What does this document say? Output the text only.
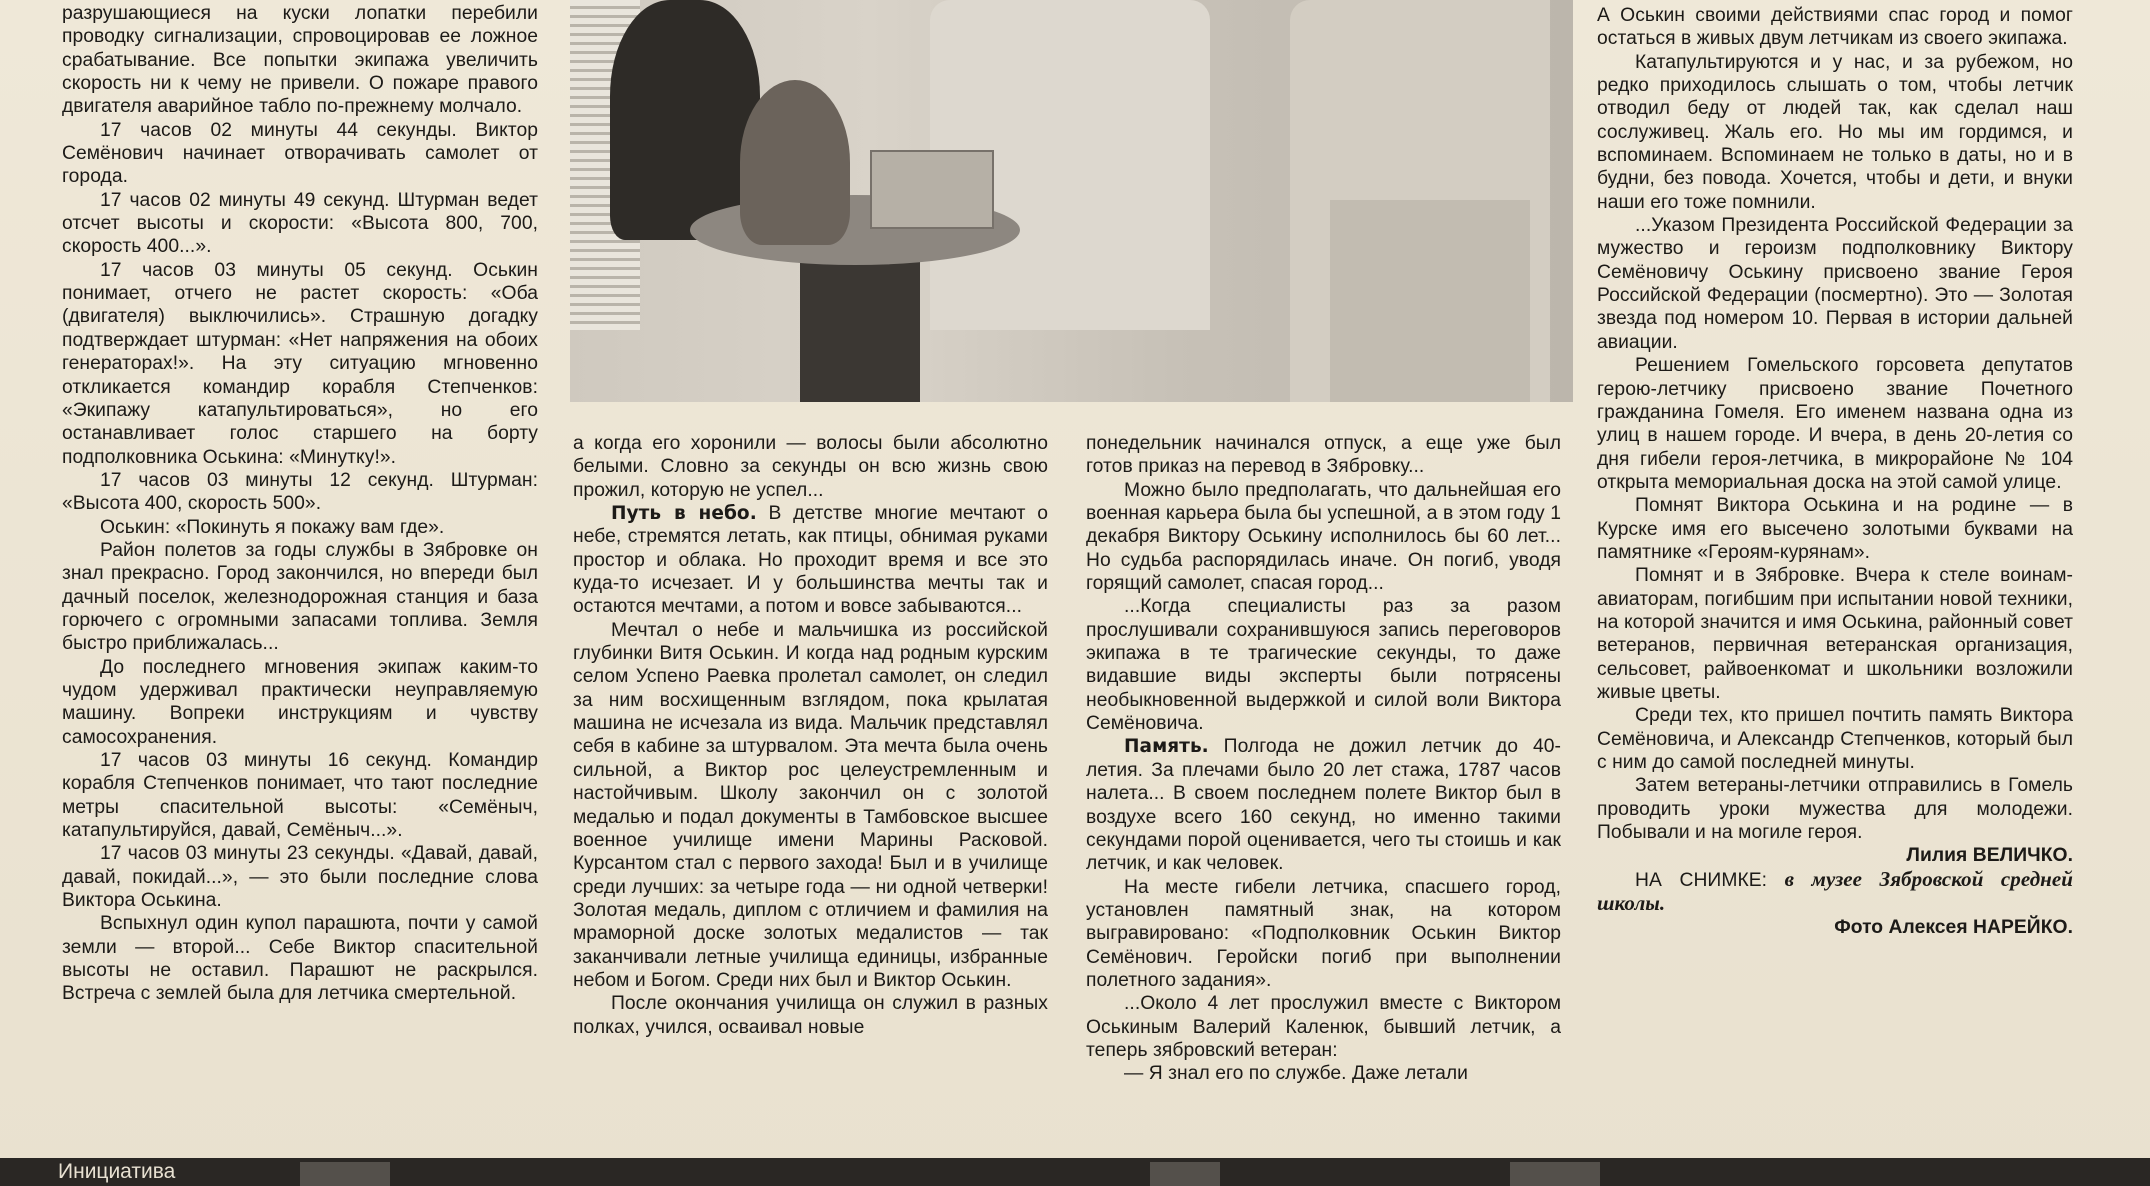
разрушающиеся на куски лопатки перебили проводку сигнализации, спровоцировав ее ложное срабатывание. Все попытки экипажа увеличить скорость ни к чему не привели. О пожаре правого двигателя аварийное табло по-прежнему молчало.

17 часов 02 минуты 44 секунды. Виктор Семёнович начинает отворачивать самолет от города.

17 часов 02 минуты 49 секунд. Штурман ведет отсчет высоты и скорости: «Высота 800, 700, скорость 400...».

17 часов 03 минуты 05 секунд. Оськин понимает, отчего не растет скорость: «Оба (двигателя) выключились». Страшную догадку подтверждает штурман: «Нет напряжения на обоих генераторах!». На эту ситуацию мгновенно откликается командир корабля Степченков: «Экипажу катапультироваться», но его останавливает голос старшего на борту подполковника Оськина: «Минутку!».

17 часов 03 минуты 12 секунд. Штурман: «Высота 400, скорость 500».

Оськин: «Покинуть я покажу вам где».

Район полетов за годы службы в Зябровке он знал прекрасно. Город закончился, но впереди был дачный поселок, железнодорожная станция и база горючего с огромными запасами топлива. Земля быстро приближалась...

До последнего мгновения экипаж каким-то чудом удерживал практически неуправляемую машину. Вопреки инструкциям и чувству самосохранения.

17 часов 03 минуты 16 секунд. Командир корабля Степченков понимает, что тают последние метры спасительной высоты: «Семёныч, катапультируйся, давай, Семёныч...».

17 часов 03 минуты 23 секунды. «Давай, давай, давай, покидай...», — это были последние слова Виктора Оськина.

Вспыхнул один купол парашюта, почти у самой земли — второй... Себе Виктор спасительной высоты не оставил. Парашют не раскрылся. Встреча с землей была для летчика смертельной.

а когда его хоронили — волосы были абсолютно белыми. Словно за секунды он всю жизнь свою прожил, которую не успел...

Путь в небо. В детстве многие мечтают о небе, стремятся летать, как птицы, обнимая руками простор и облака. Но проходит время и все это куда-то исчезает. И у большинства мечты так и остаются мечтами, а потом и вовсе забываются...

Мечтал о небе и мальчишка из российской глубинки Витя Оськин. И когда над родным курским селом Успено Раевка пролетал самолет, он следил за ним восхищенным взглядом, пока крылатая машина не исчезала из вида. Мальчик представлял себя в кабине за штурвалом. Эта мечта была очень сильной, а Виктор рос целеустремленным и настойчивым. Школу закончил он с золотой медалью и подал документы в Тамбовское высшее военное училище имени Марины Расковой. Курсантом стал с первого захода! Был и в училище среди лучших: за четыре года — ни одной четверки! Золотая медаль, диплом с отличием и фамилия на мраморной доске золотых медалистов — так заканчивали летные училища единицы, избранные небом и Богом. Среди них был и Виктор Оськин.

После окончания училища он служил в разных полках, учился, осваивал новые

понедельник начинался отпуск, а еще уже был готов приказ на перевод в Зябровку...

Можно было предполагать, что дальнейшая его военная карьера была бы успешной, а в этом году 1 декабря Виктору Оськину исполнилось бы 60 лет... Но судьба распорядилась иначе. Он погиб, уводя горящий самолет, спасая город...

...Когда специалисты раз за разом прослушивали сохранившуюся запись переговоров экипажа в те трагические секунды, то даже видавшие виды эксперты были потрясены необыкновенной выдержкой и силой воли Виктора Семёновича.

Память. Полгода не дожил летчик до 40-летия. За плечами было 20 лет стажа, 1787 часов налета... В своем последнем полете Виктор был в воздухе всего 160 секунд, но именно такими секундами порой оценивается, чего ты стоишь и как летчик, и как человек.

На месте гибели летчика, спасшего город, установлен памятный знак, на котором выгравировано: «Подполковник Оськин Виктор Семёнович. Геройски погиб при выполнении полетного задания».

...Около 4 лет прослужил вместе с Виктором Оськиным Валерий Каленюк, бывший летчик, а теперь зябровский ветеран:

— Я знал его по службе. Даже летали

А Оськин своими действиями спас город и помог остаться в живых двум летчикам из своего экипажа.

Катапультируются и у нас, и за рубежом, но редко приходилось слышать о том, чтобы летчик отводил беду от людей так, как сделал наш сослуживец. Жаль его. Но мы им гордимся, и вспоминаем. Вспоминаем не только в даты, но и в будни, без повода. Хочется, чтобы и дети, и внуки наши его тоже помнили.

...Указом Президента Российской Федерации за мужество и героизм подполковнику Виктору Семёновичу Оськину присвоено звание Героя Российской Федерации (посмертно). Это — Золотая звезда под номером 10. Первая в истории дальней авиации.

Решением Гомельского горсовета депутатов герою-летчику присвоено звание Почетного гражданина Гомеля. Его именем названа одна из улиц в нашем городе. И вчера, в день 20-летия со дня гибели героя-летчика, в микрорайоне № 104 открыта мемориальная доска на этой самой улице.

Помнят Виктора Оськина и на родине — в Курске имя его высечено золотыми буквами на памятнике «Героям-курянам».

Помнят и в Зябровке. Вчера к стеле воинам-авиаторам, погибшим при испытании новой техники, на которой значится и имя Оськина, районный совет ветеранов, первичная ветеранская организация, сельсовет, райвоенкомат и школьники возложили живые цветы.

Среди тех, кто пришел почтить память Виктора Семёновича, и Александр Степченков, который был с ним до самой последней минуты.

Затем ветераны-летчики отправились в Гомель проводить уроки мужества для молодежи. Побывали и на могиле героя.

Лилия ВЕЛИЧКО.

НА СНИМКЕ: в музее Зябровской средней школы.

Фото Алексея НАРЕЙКО.

Инициатива
